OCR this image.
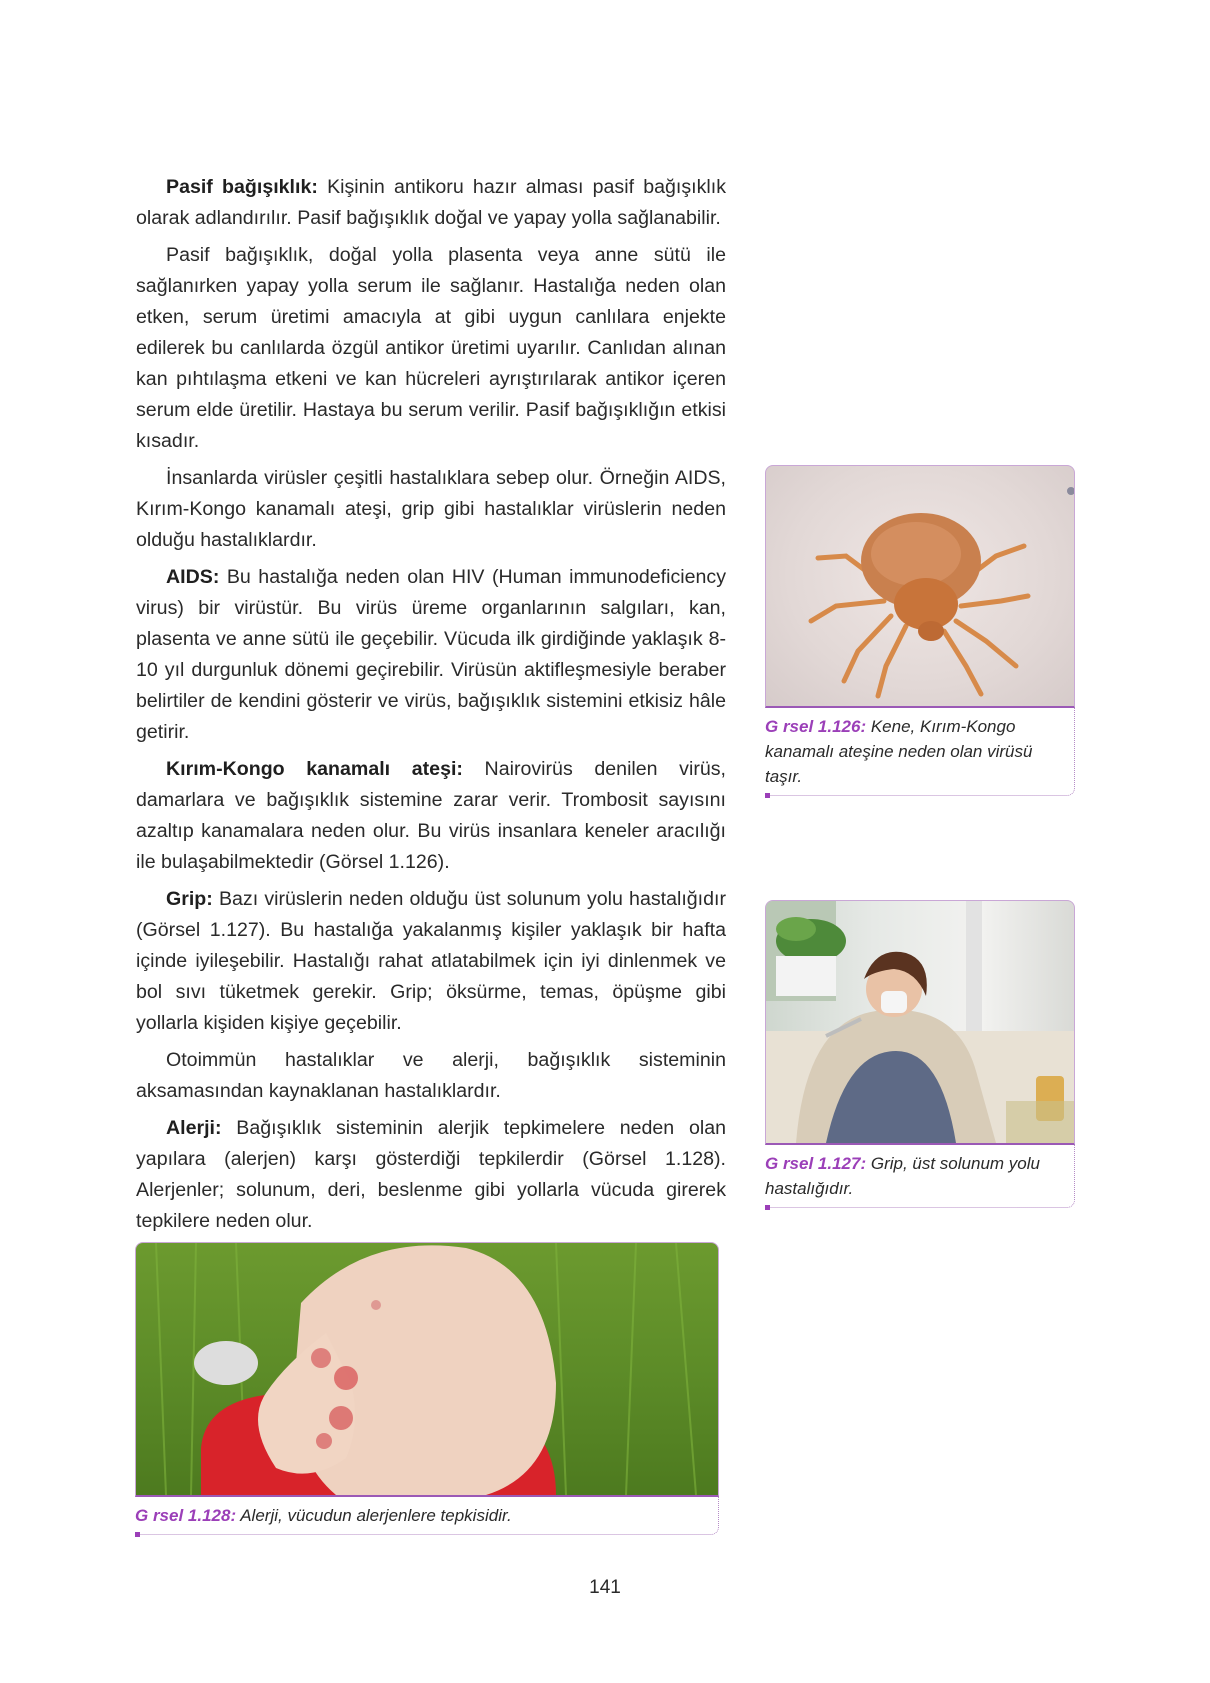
Pasif bağışıklık: Kişinin antikoru hazır alması pasif bağışıklık olarak adlandırılır. Pasif bağışıklık doğal ve yapay yolla sağlanabilir.

Pasif bağışıklık, doğal yolla plasenta veya anne sütü ile sağlanırken yapay yolla serum ile sağlanır. Hastalığa neden olan etken, serum üretimi amacıyla at gibi uygun canlılara enjekte edilerek bu canlılarda özgül antikor üretimi uyarılır. Canlıdan alınan kan pıhtılaşma etkeni ve kan hücreleri ayrıştırılarak antikor içeren serum elde üretilir. Hastaya bu serum verilir. Pasif bağışıklığın etkisi kısadır.

İnsanlarda virüsler çeşitli hastalıklara sebep olur. Örneğin AIDS, Kırım-Kongo kanamalı ateşi, grip gibi hastalıklar virüslerin neden olduğu hastalıklardır.

AIDS: Bu hastalığa neden olan HIV (Human immunodeficiency virus) bir virüstür. Bu virüs üreme organlarının salgıları, kan, plasenta ve anne sütü ile geçebilir. Vücuda ilk girdiğinde yaklaşık 8-10 yıl durgunluk dönemi geçirebilir. Virüsün aktifleşmesiyle beraber belirtiler de kendini gösterir ve virüs, bağışıklık sistemini etkisiz hâle getirir.

Kırım-Kongo kanamalı ateşi: Nairovirüs denilen virüs, damarlara ve bağışıklık sistemine zarar verir. Trombosit sayısını azaltıp kanamalara neden olur. Bu virüs insanlara keneler aracılığı ile bulaşabilmektedir (Görsel 1.126).

Grip: Bazı virüslerin neden olduğu üst solunum yolu hastalığıdır (Görsel 1.127). Bu hastalığa yakalanmış kişiler yaklaşık bir hafta içinde iyileşebilir. Hastalığı rahat atlatabilmek için iyi dinlenmek ve bol sıvı tüketmek gerekir. Grip; öksürme, temas, öpüşme gibi yollarla kişiden kişiye geçebilir.

Otoimmün hastalıklar ve alerji, bağışıklık sisteminin aksamasından kaynaklanan hastalıklardır.

Alerji: Bağışıklık sisteminin alerjik tepkimelere neden olan yapılara (alerjen) karşı gösterdiği tepkilerdir (Görsel 1.128). Alerjenler; solunum, deri, beslenme gibi yollarla vücuda girerek tepkilere neden olur.

G rsel 1.126: Kene, Kırım-Kongo kanamalı ateşine neden olan virüsü taşır.
G rsel 1.127: Grip, üst solunum yolu hastalığıdır.
G rsel 1.128: Alerji, vücudun alerjenlere tepkisidir.
141
